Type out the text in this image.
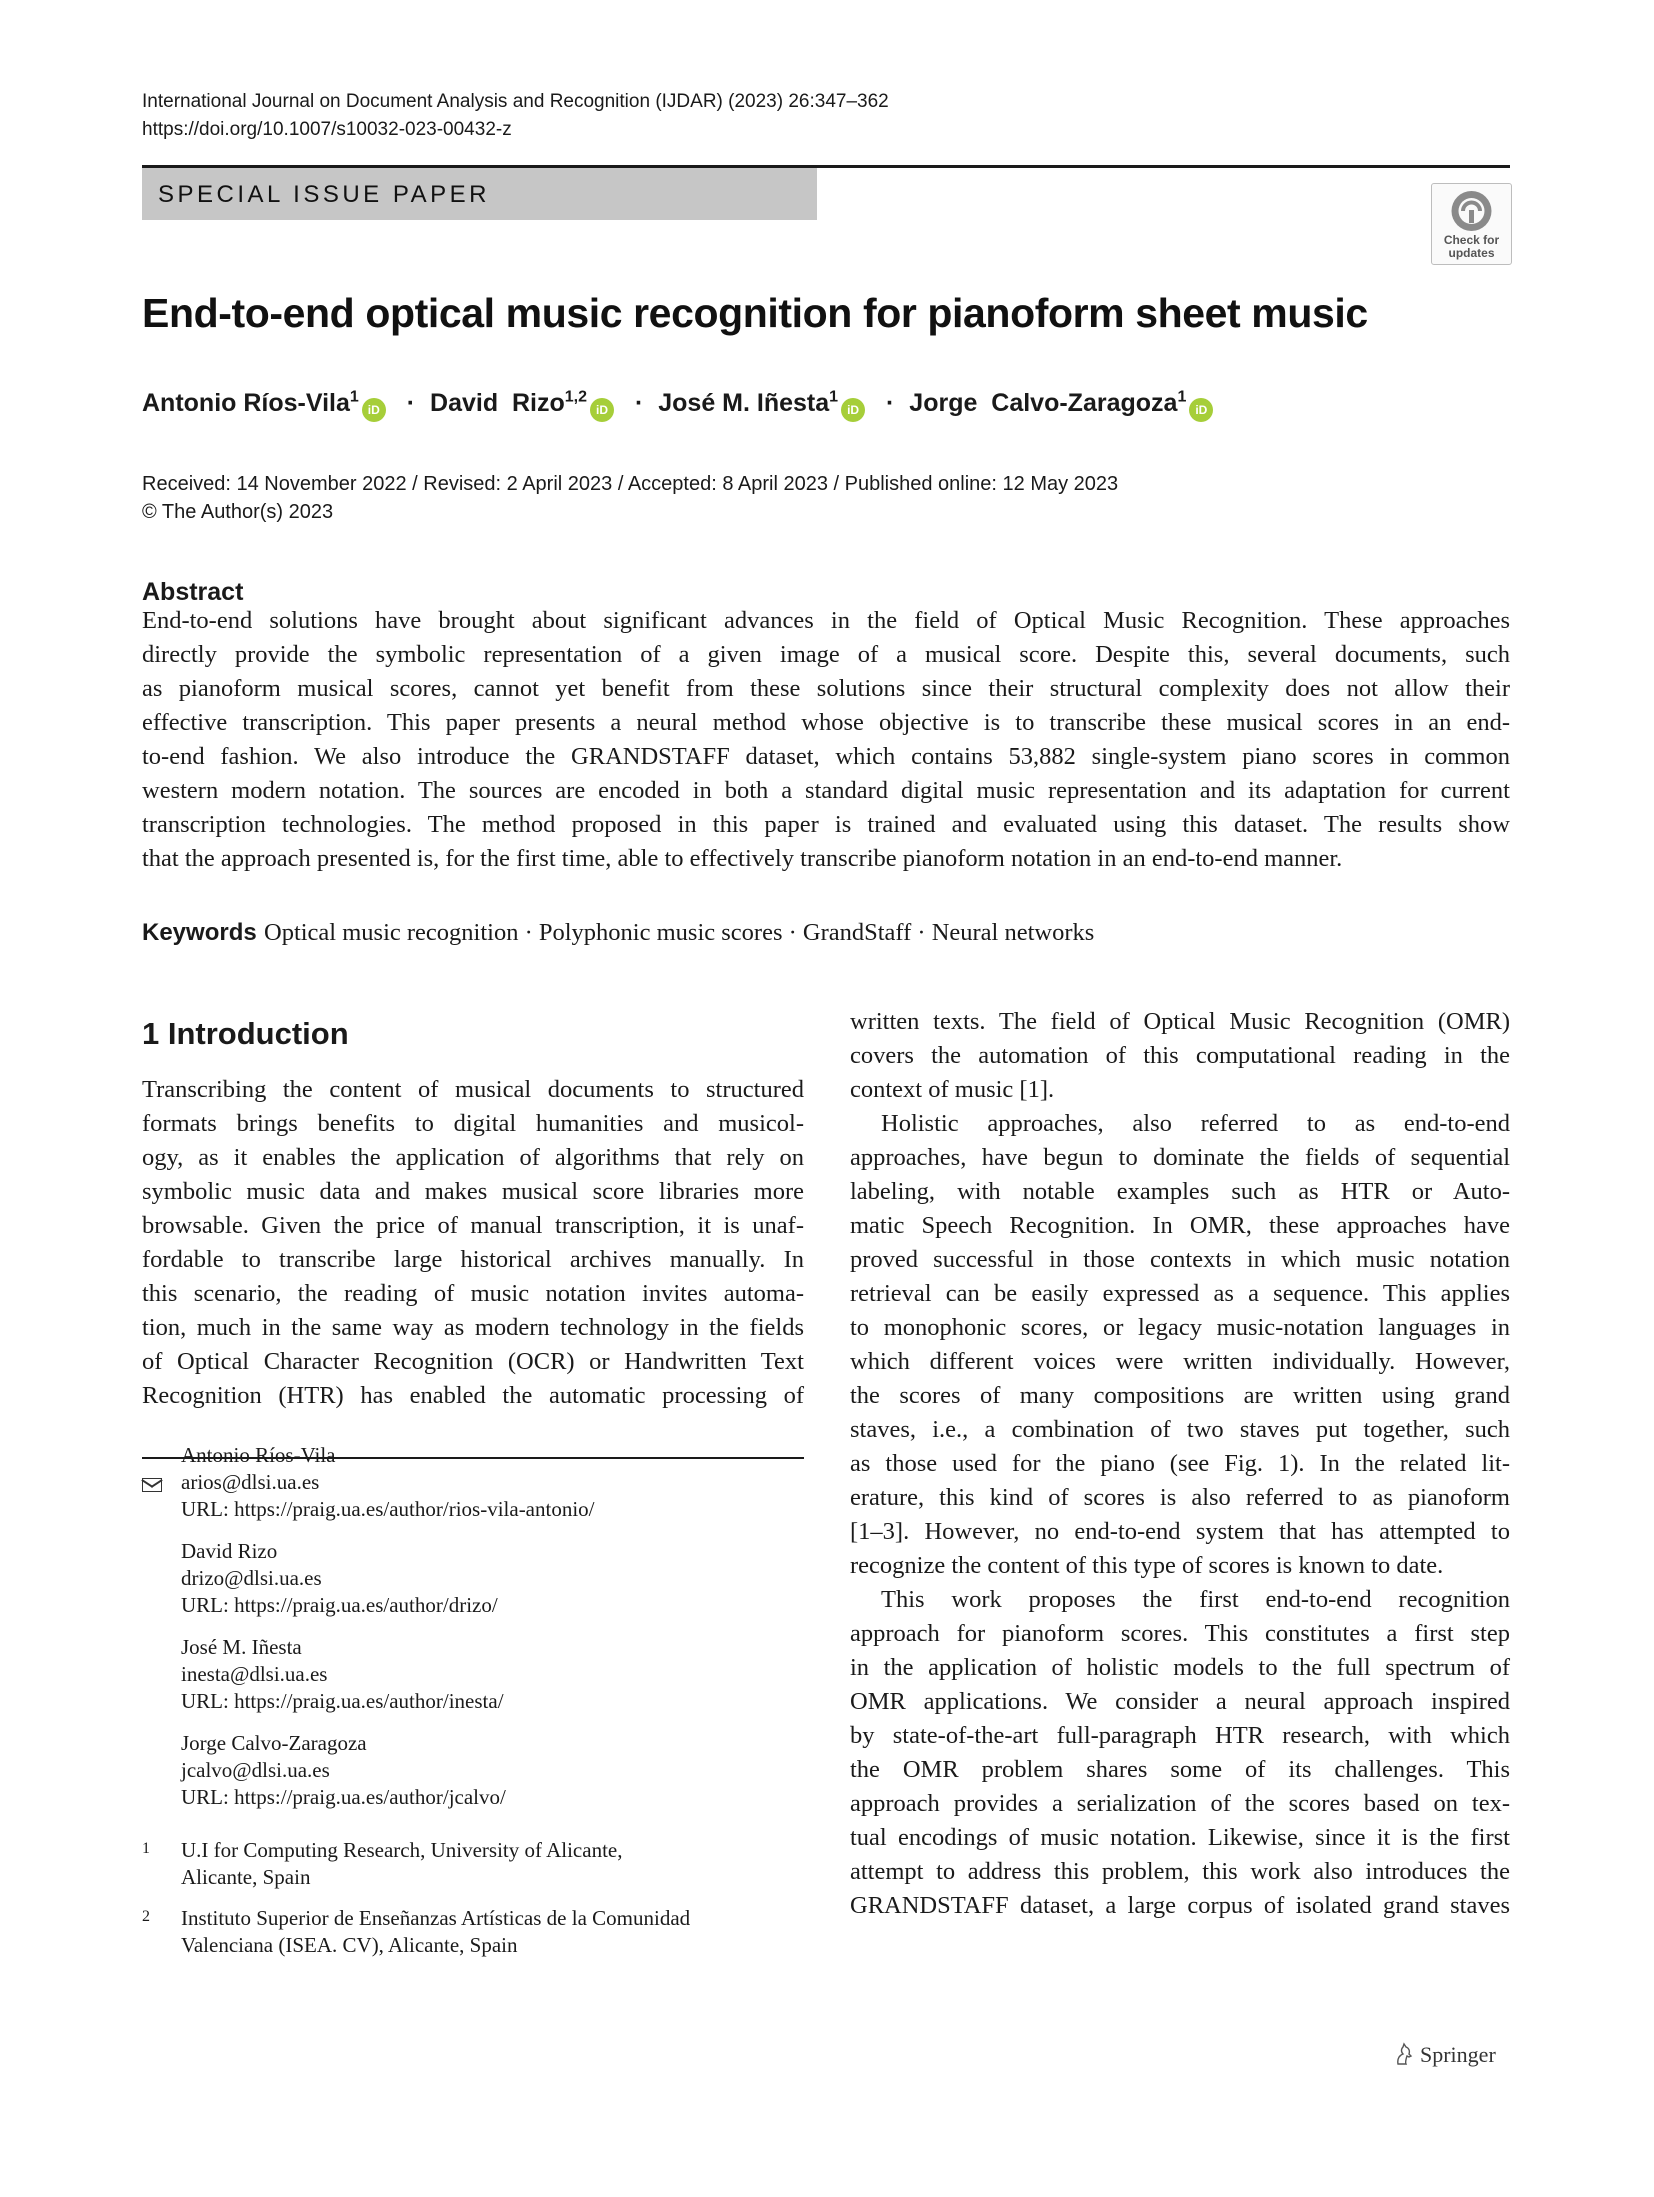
International Journal on Document Analysis and Recognition (IJDAR) (2023) 26:347–362
https://doi.org/10.1007/s10032-023-00432-z
SPECIAL ISSUE PAPER
Check for
updates
End-to-end optical music recognition for pianoform sheet music
Antonio Ríos-Vila$^1$iD · David  Rizo$^{1,2}$iD · José M. Iñesta$^1$iD · Jorge  Calvo-Zaragoza$^1$iD
Received: 14 November 2022 / Revised: 2 April 2023 / Accepted: 8 April 2023 / Published online: 12 May 2023
© The Author(s) 2023
Abstract
End-to-end solutions have brought about significant advances in the field of Optical Music Recognition. These approaches
directly provide the symbolic representation of a given image of a musical score. Despite this, several documents, such
as pianoform musical scores, cannot yet benefit from these solutions since their structural complexity does not allow their
effective transcription. This paper presents a neural method whose objective is to transcribe these musical scores in an end-
to-end fashion. We also introduce the GRANDSTAFF dataset, which contains 53,882 single-system piano scores in common
western modern notation. The sources are encoded in both a standard digital music representation and its adaptation for current
transcription technologies. The method proposed in this paper is trained and evaluated using this dataset. The results show
that the approach presented is, for the first time, able to effectively transcribe pianoform notation in an end-to-end manner.
Keywords Optical music recognition · Polyphonic music scores · GrandStaff · Neural networks
1 Introduction
Transcribing the content of musical documents to structured
formats brings benefits to digital humanities and musicol-
ogy, as it enables the application of algorithms that rely on
symbolic music data and makes musical score libraries more
browsable. Given the price of manual transcription, it is unaf-
fordable to transcribe large historical archives manually. In
this scenario, the reading of music notation invites automa-
tion, much in the same way as modern technology in the fields
of Optical Character Recognition (OCR) or Handwritten Text
Recognition (HTR) has enabled the automatic processing of
written texts. The field of Optical Music Recognition (OMR)
covers the automation of this computational reading in the
context of music [1].
Holistic approaches, also referred to as end-to-end
approaches, have begun to dominate the fields of sequential
labeling, with notable examples such as HTR or Auto-
matic Speech Recognition. In OMR, these approaches have
proved successful in those contexts in which music notation
retrieval can be easily expressed as a sequence. This applies
to monophonic scores, or legacy music-notation languages in
which different voices were written individually. However,
the scores of many compositions are written using grand
staves, i.e., a combination of two staves put together, such
as those used for the piano (see Fig. 1). In the related lit-
erature, this kind of scores is also referred to as pianoform
[1–3]. However, no end-to-end system that has attempted to
recognize the content of this type of scores is known to date.
This work proposes the first end-to-end recognition
approach for pianoform scores. This constitutes a first step
in the application of holistic models to the full spectrum of
OMR applications. We consider a neural approach inspired
by state-of-the-art full-paragraph HTR research, with which
the OMR problem shares some of its challenges. This
approach provides a serialization of the scores based on tex-
tual encodings of music notation. Likewise, since it is the first
attempt to address this problem, this work also introduces the
GRANDSTAFF dataset, a large corpus of isolated grand staves
Antonio Ríos-Vila
arios@dlsi.ua.es
URL: https://praig.ua.es/author/rios-vila-antonio/
David Rizo
drizo@dlsi.ua.es
URL: https://praig.ua.es/author/drizo/
José M. Iñesta
inesta@dlsi.ua.es
URL: https://praig.ua.es/author/inesta/
Jorge Calvo-Zaragoza
jcalvo@dlsi.ua.es
URL: https://praig.ua.es/author/jcalvo/
1 U.I for Computing Research, University of Alicante,
Alicante, Spain
2 Instituto Superior de Enseñanzas Artísticas de la Comunidad
Valenciana (ISEA. CV), Alicante, Spain
Springer
